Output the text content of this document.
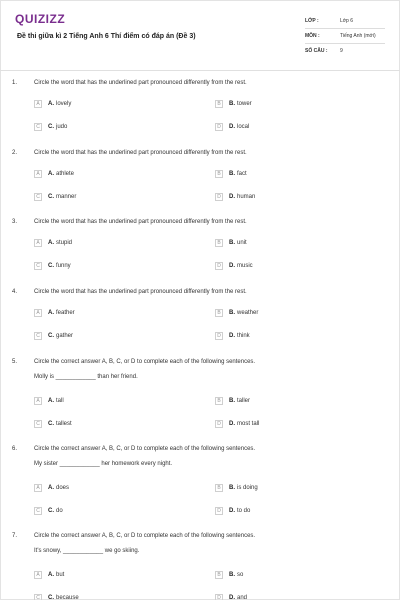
QUIZIZZ
Đề thi giữa kì 2 Tiếng Anh 6 Thí điểm có đáp án (Đề 3)
LỚP :	Lớp 6
MÔN :	Tiếng Anh (mới)
SỐ CÂU :	9
1.	Circle the word that has the underlined part pronounced differently from the rest.
A	A. lovely	B	B. tower
C	C. judo	D	D. local
2.	Circle the word that has the underlined part pronounced differently from the rest.
A	A. athlete	B	B. fact
C	C. manner	D	D. human
3.	Circle the word that has the underlined part pronounced differently from the rest.
A	A. stupid	B	B. unit
C	C. funny	D	D. music
4.	Circle the word that has the underlined part pronounced differently from the rest.
A	A. feather	B	B. weather
C	C. gather	D	D. think
5.	Circle the correct answer A, B, C, or D to complete each of the following sentences.
Molly is ____________ than her friend.
A	A. tall	B	B. taller
C	C. tallest	D	D. most tall
6.	Circle the correct answer A, B, C, or D to complete each of the following sentences.
My sister ____________ her homework every night.
A	A. does	B	B. is doing
C	C. do	D	D. to do
7.	Circle the correct answer A, B, C, or D to complete each of the following sentences.
It's snowy, ____________ we go skiing.
A	A. but	B	B. so
C	C. because	D	D. and
